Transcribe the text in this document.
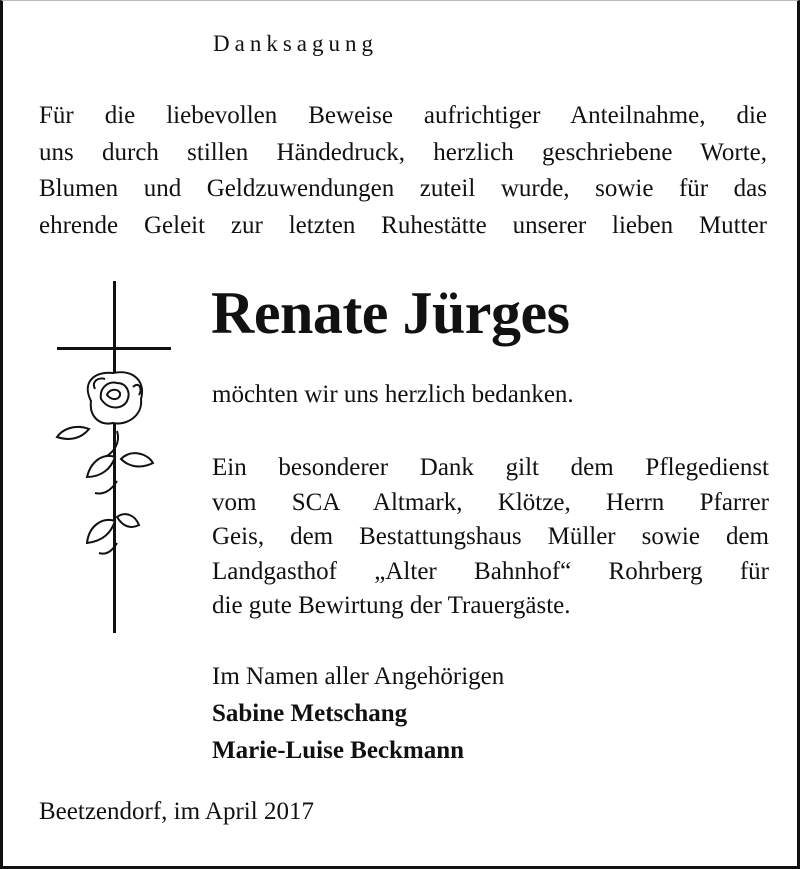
Danksagung
Für die liebevollen Beweise aufrichtiger Anteilnahme, die
uns durch stillen Händedruck, herzlich geschriebene Worte,
Blumen und Geldzuwendungen zuteil wurde, sowie für das
ehrende Geleit zur letzten Ruhestätte unserer lieben Mutter
Renate Jürges
möchten wir uns herzlich bedanken.
Ein besonderer Dank gilt dem Pflegedienst
vom SCA Altmark, Klötze, Herrn Pfarrer
Geis, dem Bestattungshaus Müller sowie dem
Landgasthof „Alter Bahnhof“ Rohrberg für
die gute Bewirtung der Trauergäste.
Im Namen aller Angehörigen
Sabine Metschang
Marie-Luise Beckmann
Beetzendorf, im April 2017
